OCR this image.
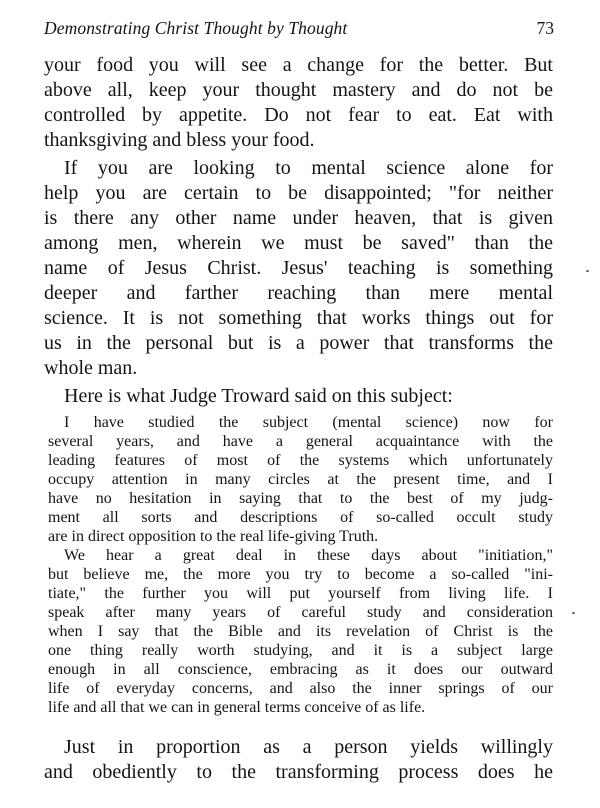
Demonstrating Christ Thought by Thought	73

your food you will see a change for the better. But

above all, keep your thought mastery and do not be

controlled by appetite. Do not fear to eat. Eat with

thanksgiving and bless your food.

If you are looking to mental science alone for

help you are certain to be disappointed; "for neither

is there any other name under heaven, that is given

among men, wherein we must be saved" than the

name of Jesus Christ. Jesus' teaching is something

deeper and farther reaching than mere mental

science. It is not something that works things out for

us in the personal but is a power that transforms the

whole man.

Here is what Judge Troward said on this subject:

I have studied the subject (mental science) now for

several years, and have a general acquaintance with the

leading features of most of the systems which unfortunately

occupy attention in many circles at the present time, and I

have no hesitation in saying that to the best of my judg-

ment all sorts and descriptions of so-called occult study

are in direct opposition to the real life-giving Truth.

We hear a great deal in these days about "initiation,"

but believe me, the more you try to become a so-called "ini-

tiate," the further you will put yourself from living life. I

speak after many years of careful study and consideration

when I say that the Bible and its revelation of Christ is the

one thing really worth studying, and it is a subject large

enough in all conscience, embracing as it does our outward

life of everyday concerns, and also the inner springs of our

life and all that we can in general terms conceive of as life.

Just in proportion as a person yields willingly

and obediently to the transforming process does he
